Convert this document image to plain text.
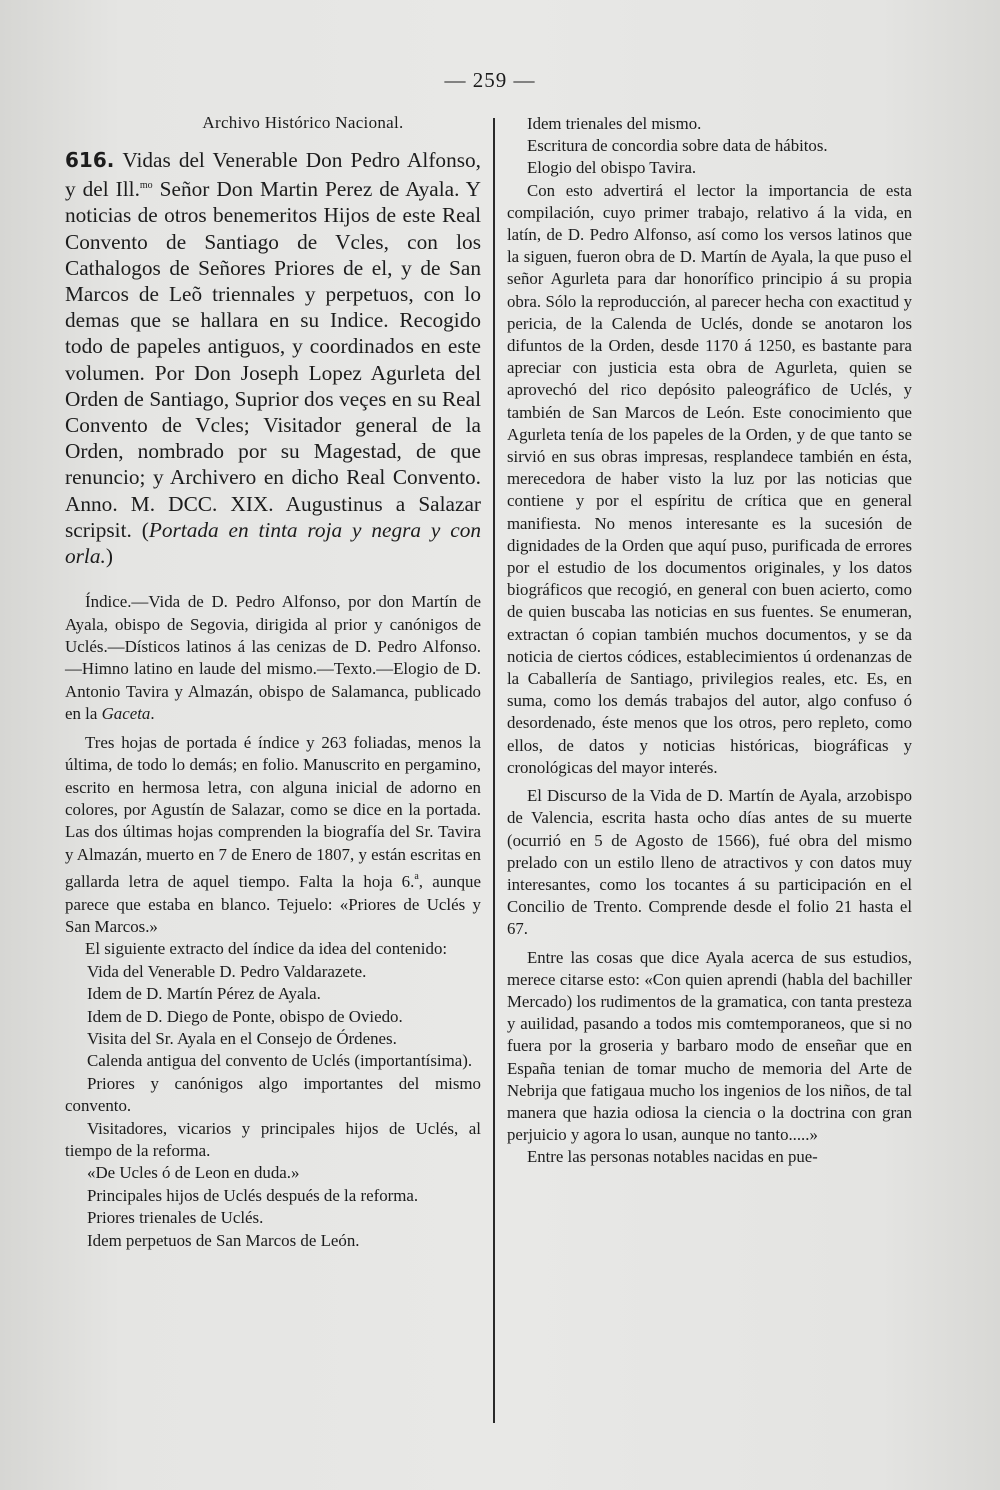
— 259 —
Archivo Histórico Nacional.

616. Vidas del Venerable Don Pedro Alfonso, y del Ill.$^{mo}$ Señor Don Martin Perez de Ayala. Y noticias de otros benemeritos Hijos de este Real Convento de Santiago de Vcles, con los Cathalogos de Señores Priores de el, y de San Marcos de Leõ triennales y perpetuos, con lo demas que se hallara en su Indice. Recogido todo de papeles antiguos, y coordinados en este volumen. Por Don Joseph Lopez Agurleta del Orden de Santiago, Suprior dos veçes en su Real Convento de Vcles; Visitador general de la Orden, nombrado por su Magestad, de que renuncio; y Archivero en dicho Real Convento. Anno. M. DCC. XIX. Augustinus a Salazar scripsit. (Portada en tinta roja y negra y con orla.)

Índice.—Vida de D. Pedro Alfonso, por don Martín de Ayala, obispo de Segovia, dirigida al prior y canónigos de Uclés.—Dísticos latinos á las cenizas de D. Pedro Alfonso.—Himno latino en laude del mismo.—Texto.—Elogio de D. Antonio Tavira y Almazán, obispo de Salamanca, publicado en la Gaceta.

Tres hojas de portada é índice y 263 foliadas, menos la última, de todo lo demás; en folio. Manuscrito en pergamino, escrito en hermosa letra, con alguna inicial de adorno en colores, por Agustín de Salazar, como se dice en la portada. Las dos últimas hojas comprenden la biografía del Sr. Tavira y Almazán, muerto en 7 de Enero de 1807, y están escritas en gallarda letra de aquel tiempo. Falta la hoja 6.$^a$, aunque parece que estaba en blanco. Tejuelo: «Priores de Uclés y San Marcos.»

El siguiente extracto del índice da idea del contenido:

Vida del Venerable D. Pedro Valdarazete.
Idem de D. Martín Pérez de Ayala.
Idem de D. Diego de Ponte, obispo de Oviedo.
Visita del Sr. Ayala en el Consejo de Órdenes.
Calenda antigua del convento de Uclés (importantísima).
Priores y canónigos algo importantes del mismo convento.
Visitadores, vicarios y principales hijos de Uclés, al tiempo de la reforma.
«De Ucles ó de Leon en duda.»
Principales hijos de Uclés después de la reforma.
Priores trienales de Uclés.
Idem perpetuos de San Marcos de León.

Idem trienales del mismo.

Escritura de concordia sobre data de hábitos.

Elogio del obispo Tavira.

Con esto advertirá el lector la importancia de esta compilación, cuyo primer trabajo, relativo á la vida, en latín, de D. Pedro Alfonso, así como los versos latinos que la siguen, fueron obra de D. Martín de Ayala, la que puso el señor Agurleta para dar honorífico principio á su propia obra. Sólo la reproducción, al parecer hecha con exactitud y pericia, de la Calenda de Uclés, donde se anotaron los difuntos de la Orden, desde 1170 á 1250, es bastante para apreciar con justicia esta obra de Agurleta, quien se aprovechó del rico depósito paleográfico de Uclés, y también de San Marcos de León. Este conocimiento que Agurleta tenía de los papeles de la Orden, y de que tanto se sirvió en sus obras impresas, resplandece también en ésta, merecedora de haber visto la luz por las noticias que contiene y por el espíritu de crítica que en general manifiesta. No menos interesante es la sucesión de dignidades de la Orden que aquí puso, purificada de errores por el estudio de los documentos originales, y los datos biográficos que recogió, en general con buen acierto, como de quien buscaba las noticias en sus fuentes. Se enumeran, extractan ó copian también muchos documentos, y se da noticia de ciertos códices, establecimientos ú ordenanzas de la Caballería de Santiago, privilegios reales, etc. Es, en suma, como los demás trabajos del autor, algo confuso ó desordenado, éste menos que los otros, pero repleto, como ellos, de datos y noticias históricas, biográficas y cronológicas del mayor interés.

El Discurso de la Vida de D. Martín de Ayala, arzobispo de Valencia, escrita hasta ocho días antes de su muerte (ocurrió en 5 de Agosto de 1566), fué obra del mismo prelado con un estilo lleno de atractivos y con datos muy interesantes, como los tocantes á su participación en el Concilio de Trento. Comprende desde el folio 21 hasta el 67.

Entre las cosas que dice Ayala acerca de sus estudios, merece citarse esto: «Con quien aprendi (habla del bachiller Mercado) los rudimentos de la gramatica, con tanta presteza y auilidad, pasando a todos mis comtemporaneos, que si no fuera por la groseria y barbaro modo de enseñar que en España tenian de tomar mucho de memoria del Arte de Nebrija que fatigaua mucho los ingenios de los niños, de tal manera que hazia odiosa la ciencia o la doctrina con gran perjuicio y agora lo usan, aunque no tanto.....»

Entre las personas notables nacidas en pue-
